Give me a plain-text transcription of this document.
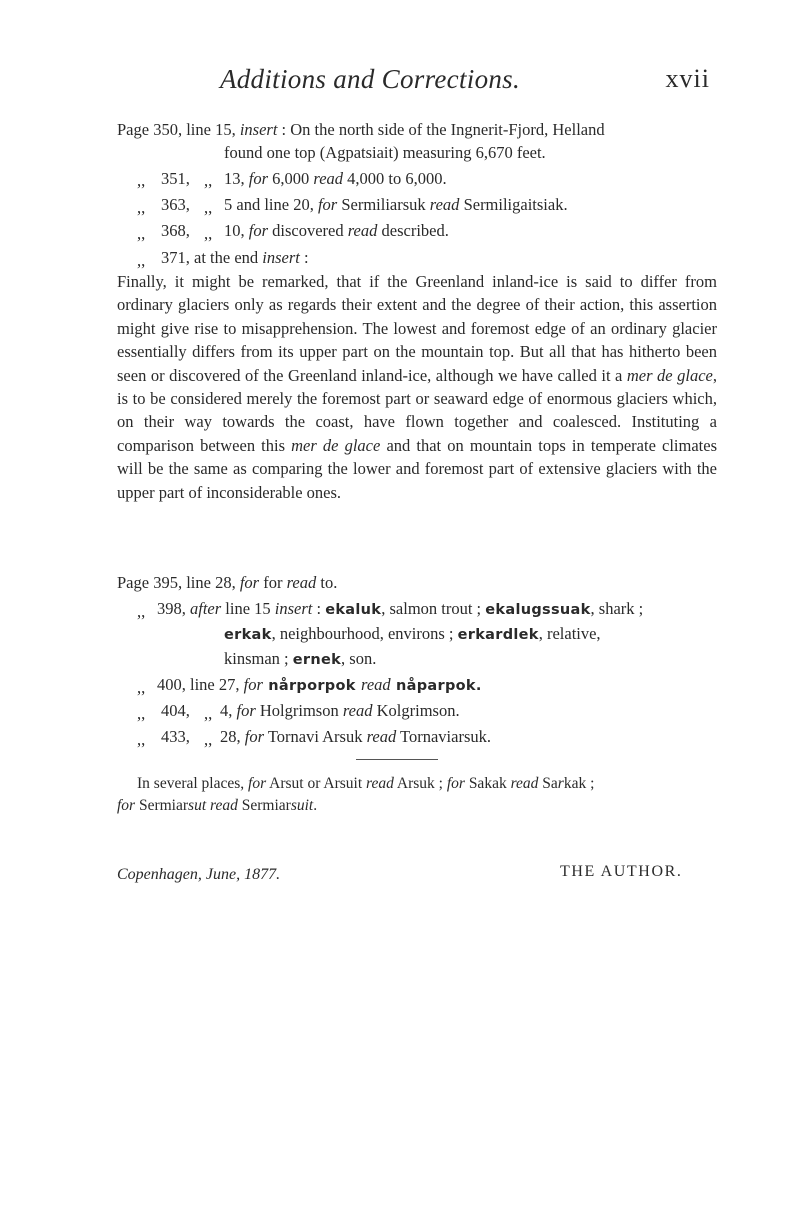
Additions and Corrections.	xvii
Page 350, line 15, insert : On the north side of the Ingnerit-Fjord, Helland
found one top (Agpatsiait) measuring 6,670 feet.
,, 351, ,, 13, for 6,000 read 4,000 to 6,000.
,, 363, ,, 5 and line 20, for Sermiliarsuk read Sermiligaitsiak.
,, 368, ,, 10, for discovered read described.
,, 371, at the end insert :

Finally, it might be remarked, that if the Greenland inland-ice is said to differ from ordinary glaciers only as regards their extent and the degree of their action, this assertion might give rise to misapprehension. The lowest and foremost edge of an ordinary glacier essentially differs from its upper part on the mountain top. But all that has hitherto been seen or discovered of the Greenland inland-ice, although we have called it a mer de glace, is to be considered merely the foremost part or seaward edge of enormous glaciers which, on their way towards the coast, have flown together and coalesced. Instituting a comparison between this mer de glace and that on mountain tops in temperate climates will be the same as comparing the lower and foremost part of extensive glaciers with the upper part of inconsiderable ones.

Page 395, line 28, for for read to.
,, 398, after line 15 insert : ekaluk, salmon trout ; ekalugssuak, shark ;
erkak, neighbourhood, environs ; erkardlek, relative,
kinsman ; ernek, son.
,, 400, line 27, for nårporpok read nåparpok.
,, 404, ,, 4, for Holgrimson read Kolgrimson.
,, 433, ,, 28, for Tornavi Arsuk read Tornaviarsuk.
In several places, for Arsut or Arsuit read Arsuk ; for Sakak read Sarkak ;
for Sermiarsut read Sermiarsuit.
Copenhagen, June, 1877.	THE AUTHOR.
